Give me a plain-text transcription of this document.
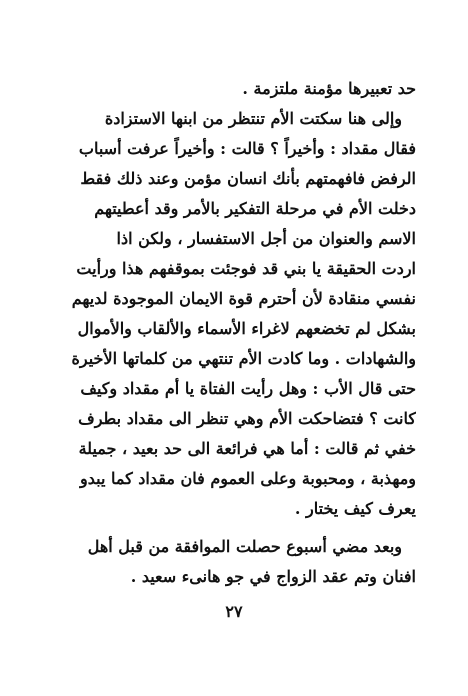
حد تعبيرها مؤمنة ملتزمة .
وإلى هنا سكتت الأم تنتظر من ابنها الاستزادة
فقال مقداد : وأخيراً ؟ قالت : وأخيراً عرفت أسباب
الرفض فافهمتهم بأنك انسان مؤمن وعند ذلك فقط
دخلت الأم في مرحلة التفكير بالأمر وقد أعطيتهم
الاسم والعنوان من أجل الاستفسار ، ولكن اذا
اردت الحقيقة يا بني قد فوجئت بموقفهم هذا ورأيت
نفسي منقادة لأن أحترم قوة الايمان الموجودة لديهم
بشكل لم تخضعهم لاغراء الأسماء والألقاب والأموال
والشهادات . وما كادت الأم تنتهي من كلماتها الأخيرة
حتى قال الأب : وهل رأيت الفتاة يا أم مقداد وكيف
كانت ؟ فتضاحكت الأم وهي تنظر الى مقداد بطرف
خفي ثم قالت : أما هي فرائعة الى حد بعيد ، جميلة
ومهذبة ، ومحبوبة وعلى العموم فان مقداد كما يبدو
يعرف كيف يختار .
وبعد مضي أسبوع حصلت الموافقة من قبل أهل
افنان وتم عقد الزواج في جو هانىء سعيد .
٢٧
